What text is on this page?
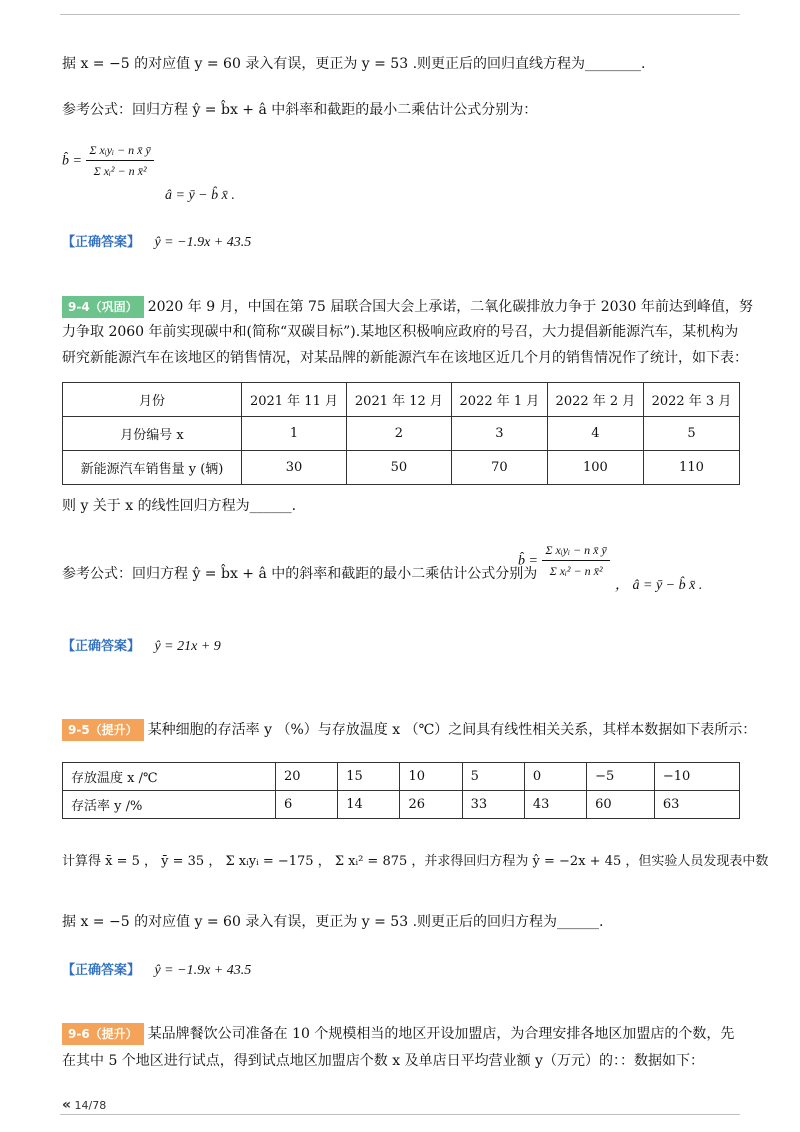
据 x = −5 的对应值 y = 60 录入有误，更正为 y = 53 .则更正后的回归直线方程为________.
参考公式：回归方程 ŷ = b̂x + â 中斜率和截距的最小二乘估计公式分别为：
b̂ = $\frac{\text{Σ xᵢyᵢ − n x̄ ȳ}}{\text{Σ xᵢ² − n x̄²}}$
â = ȳ − b̂ x̄ .
【正确答案】 ŷ = −1.9x + 43.5
9-4（巩固） 2020 年 9 月，中国在第 75 届联合国大会上承诺，二氧化碳排放力争于 2030 年前达到峰值，努
力争取 2060 年前实现碳中和(简称“双碳目标”).某地区积极响应政府的号召，大力提倡新能源汽车，某机构为
研究新能源汽车在该地区的销售情况，对某品牌的新能源汽车在该地区近几个月的销售情况作了统计，如下表：
月份	2021 年 11 月	2021 年 12 月	2022 年 1 月	2022 年 2 月	2022 年 3 月
月份编号 x	1	2	3	4	5
新能源汽车销售量 y (辆)	30	50	70	100	110
则 y 关于 x 的线性回归方程为______.
参考公式：回归方程 ŷ = b̂x + â 中的斜率和截距的最小二乘估计公式分别为
b̂ = $\frac{\text{Σ xᵢyᵢ − n x̄ ȳ}}{\text{Σ xᵢ² − n x̄²}}$
， â = ȳ − b̂ x̄ .
【正确答案】 ŷ = 21x + 9
9-5（提升） 某种细胞的存活率 y （%）与存放温度 x （℃）之间具有线性相关关系，其样本数据如下表所示：
存放温度 x /℃	20	15	10	5	0	−5	−10
存活率 y /%	6	14	26	33	43	60	63
计算得 x̄ = 5 ， ȳ = 35 ， Σ xᵢyᵢ = −175 ， Σ xᵢ² = 875 ，并求得回归方程为 ŷ = −2x + 45 ，但实验人员发现表中数
据 x = −5 的对应值 y = 60 录入有误，更正为 y = 53 .则更正后的回归方程为______.
【正确答案】 ŷ = −1.9x + 43.5
9-6（提升） 某品牌餐饮公司准备在 10 个规模相当的地区开设加盟店，为合理安排各地区加盟店的个数，先
在其中 5 个地区进行试点，得到试点地区加盟店个数 x 及单店日平均营业额 y（万元）的：：数据如下：
« 14/78
